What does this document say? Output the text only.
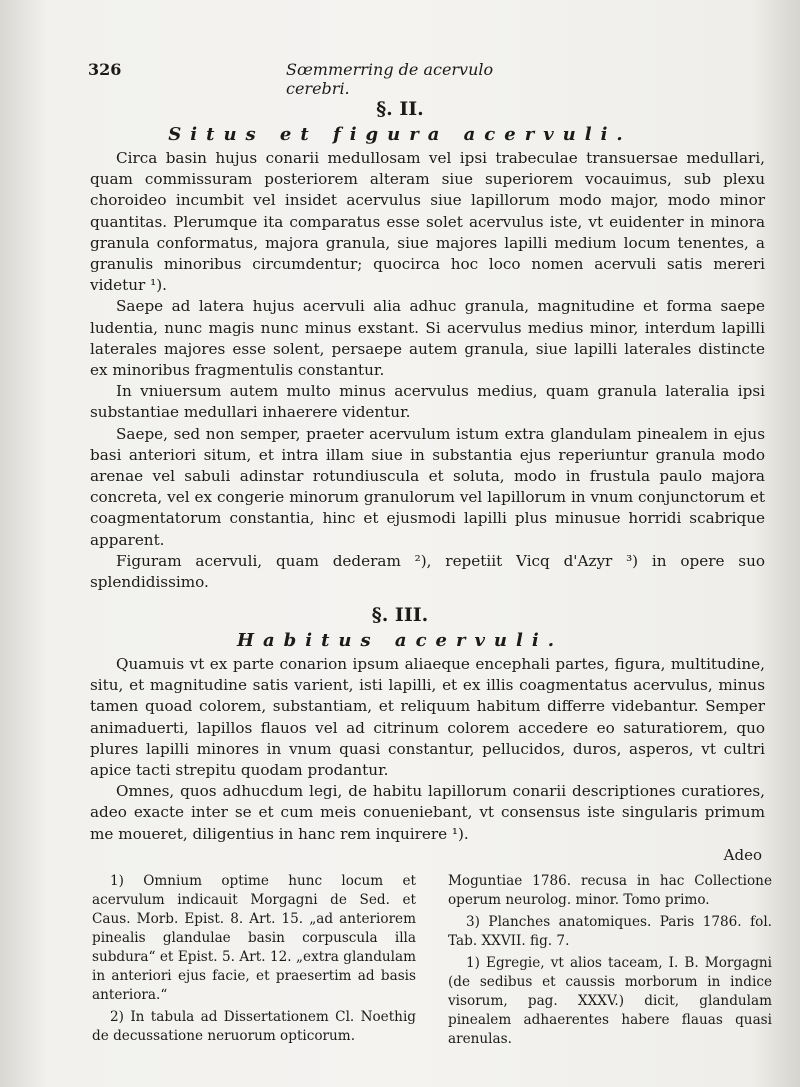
326	Sœmmerring de acervulo cerebri.
§. II.
Situs et figura acervuli.

Circa basin hujus conarii medullosam vel ipsi trabeculae transuersae medullari, quam commissuram posteriorem alteram siue superiorem vocauimus, sub plexu choroideo incumbit vel insidet acervulus siue lapillorum modo major, modo minor quantitas. Plerumque ita comparatus esse solet acervulus iste, vt euidenter in minora granula conformatus, majora granula, siue majores lapilli medium locum tenentes, a granulis minoribus circumdentur; quocirca hoc loco nomen acervuli satis mereri videtur ¹).

Saepe ad latera hujus acervuli alia adhuc granula, magnitudine et forma saepe ludentia, nunc magis nunc minus exstant. Si acervulus medius minor, interdum lapilli laterales majores esse solent, persaepe autem granula, siue lapilli laterales distincte ex minoribus fragmentulis constantur.

In vniuersum autem multo minus acervulus medius, quam granula lateralia ipsi substantiae medullari inhaerere videntur.

Saepe, sed non semper, praeter acervulum istum extra glandulam pinealem in ejus basi anteriori situm, et intra illam siue in substantia ejus reperiuntur granula modo arenae vel sabuli adinstar rotundiuscula et soluta, modo in frustula paulo majora concreta, vel ex congerie minorum granulorum vel lapillorum in vnum conjunctorum et coagmentatorum constantia, hinc et ejusmodi lapilli plus minusue horridi scabrique apparent.

Figuram acervuli, quam dederam ²), repetiit Vicq d'Azyr ³) in opere suo splendidissimo.

§. III.
Habitus acervuli.

Quamuis vt ex parte conarion ipsum aliaeque encephali partes, figura, multitudine, situ, et magnitudine satis varient, isti lapilli, et ex illis coagmentatus acervulus, minus tamen quoad colorem, substantiam, et reliquum habitum differre videbantur. Semper animaduerti, lapillos flauos vel ad citrinum colorem accedere eo saturatiorem, quo plures lapilli minores in vnum quasi constantur, pellucidos, duros, asperos, vt cultri apice tacti strepitu quodam prodantur.

Omnes, quos adhucdum legi, de habitu lapillorum conarii descriptiones curatiores, adeo exacte inter se et cum meis conueniebant, vt consensus iste singularis primum me moueret, diligentius in hanc rem inquirere ¹).

Adeo

1) Omnium optime hunc locum et acervulum indicauit Morgagni de Sed. et Caus. Morb. Epist. 8. Art. 15. „ad anteriorem pinealis glandulae basin corpuscula illa subdura“ et Epist. 5. Art. 12. „extra glandulam in anteriori ejus facie, et praesertim ad basis anteriora.“

2) In tabula ad Dissertationem Cl. Noethig de decussatione neruorum opticorum.

Moguntiae 1786. recusa in hac Collectione operum neurolog. minor. Tomo primo.

3) Planches anatomiques. Paris 1786. fol. Tab. XXVII. fig. 7.

1) Egregie, vt alios taceam, I. B. Morgagni (de sedibus et caussis morborum in indice visorum, pag. XXXV.) dicit, glandulam pinealem adhaerentes habere flauas quasi arenulas.
